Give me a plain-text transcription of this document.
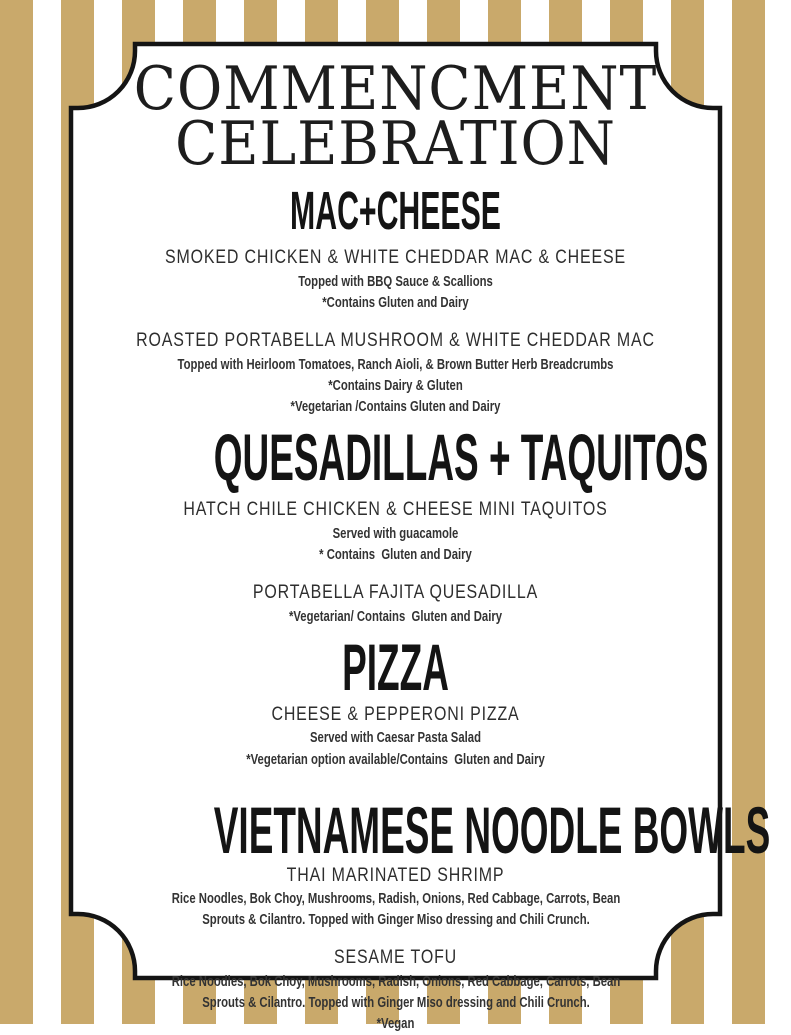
COMMENCMENT
CELEBRATION
MAC+CHEESE
SMOKED CHICKEN & WHITE CHEDDAR MAC & CHEESE
Topped with BBQ Sauce & Scallions
*Contains Gluten and Dairy
ROASTED PORTABELLA MUSHROOM & WHITE CHEDDAR MAC
Topped with Heirloom Tomatoes, Ranch Aioli, & Brown Butter Herb Breadcrumbs
*Contains Dairy & Gluten
*Vegetarian /Contains Gluten and Dairy
QUESADILLAS + TAQUITOS
HATCH CHILE CHICKEN & CHEESE MINI TAQUITOS
Served with guacamole
* Contains  Gluten and Dairy
PORTABELLA FAJITA QUESADILLA
*Vegetarian/ Contains  Gluten and Dairy
PIZZA
CHEESE & PEPPERONI PIZZA
Served with Caesar Pasta Salad
*Vegetarian option available/Contains  Gluten and Dairy
VIETNAMESE NOODLE BOWLS
THAI MARINATED SHRIMP
Rice Noodles, Bok Choy, Mushrooms, Radish, Onions, Red Cabbage, Carrots, Bean Sprouts & Cilantro. Topped with Ginger Miso dressing and Chili Crunch.
SESAME TOFU
Rice Noodles, Bok Choy, Mushrooms, Radish, Onions, Red Cabbage, Carrots, Bean Sprouts & Cilantro. Topped with Ginger Miso dressing and Chili Crunch.
*Vegan
